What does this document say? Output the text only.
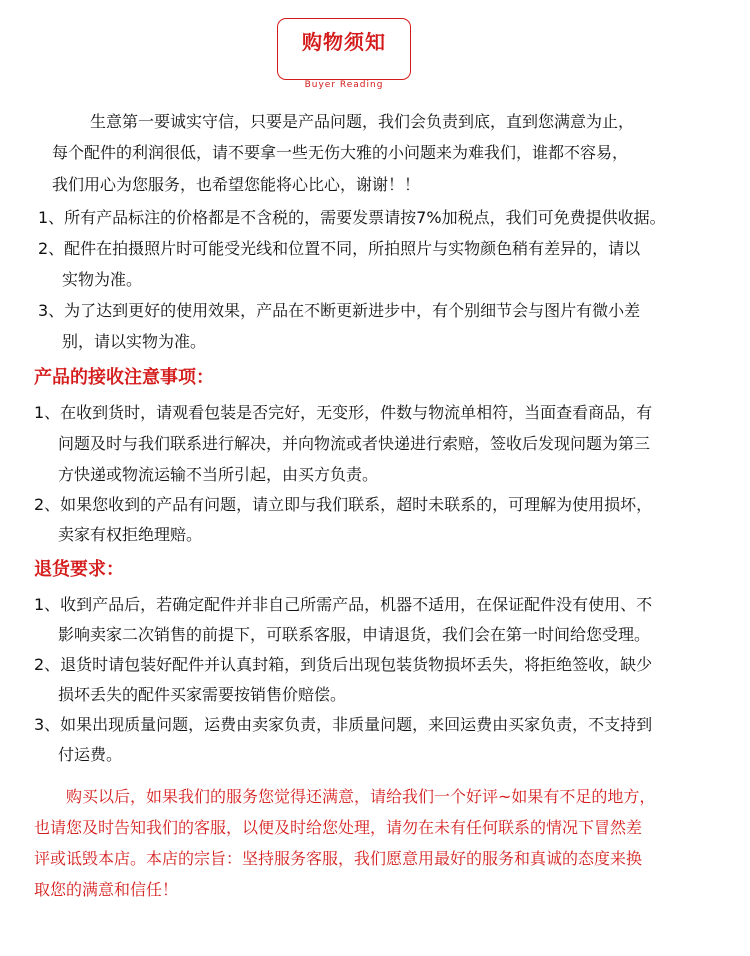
购物须知
$_{Buyer Reading}$
生意第一要诚实守信，只要是产品问题，我们会负责到底，直到您满意为止，
每个配件的利润很低，请不要拿一些无伤大雅的小问题来为难我们，谁都不容易，
我们用心为您服务，也希望您能将心比心，谢谢！！
1、所有产品标注的价格都是不含税的，需要发票请按7%加税点，我们可免费提供收据。
2、配件在拍摄照片时可能受光线和位置不同，所拍照片与实物颜色稍有差异的，请以
实物为准。
3、为了达到更好的使用效果，产品在不断更新进步中，有个别细节会与图片有微小差
别，请以实物为准。
产品的接收注意事项：
1、在收到货时，请观看包装是否完好，无变形，件数与物流单相符，当面查看商品，有
问题及时与我们联系进行解决，并向物流或者快递进行索赔，签收后发现问题为第三
方快递或物流运输不当所引起，由买方负责。
2、如果您收到的产品有问题，请立即与我们联系，超时未联系的，可理解为使用损坏，
卖家有权拒绝理赔。
退货要求：
1、收到产品后，若确定配件并非自己所需产品，机器不适用，在保证配件没有使用、不
影响卖家二次销售的前提下，可联系客服，申请退货，我们会在第一时间给您受理。
2、退货时请包装好配件并认真封箱，到货后出现包装货物损坏丢失，将拒绝签收，缺少
损坏丢失的配件买家需要按销售价赔偿。
3、如果出现质量问题，运费由卖家负责，非质量问题，来回运费由买家负责，不支持到
付运费。
购买以后，如果我们的服务您觉得还满意，请给我们一个好评~如果有不足的地方，
也请您及时告知我们的客服，以便及时给您处理，请勿在未有任何联系的情况下冒然差
评或诋毁本店。本店的宗旨：坚持服务客服，我们愿意用最好的服务和真诚的态度来换
取您的满意和信任！
